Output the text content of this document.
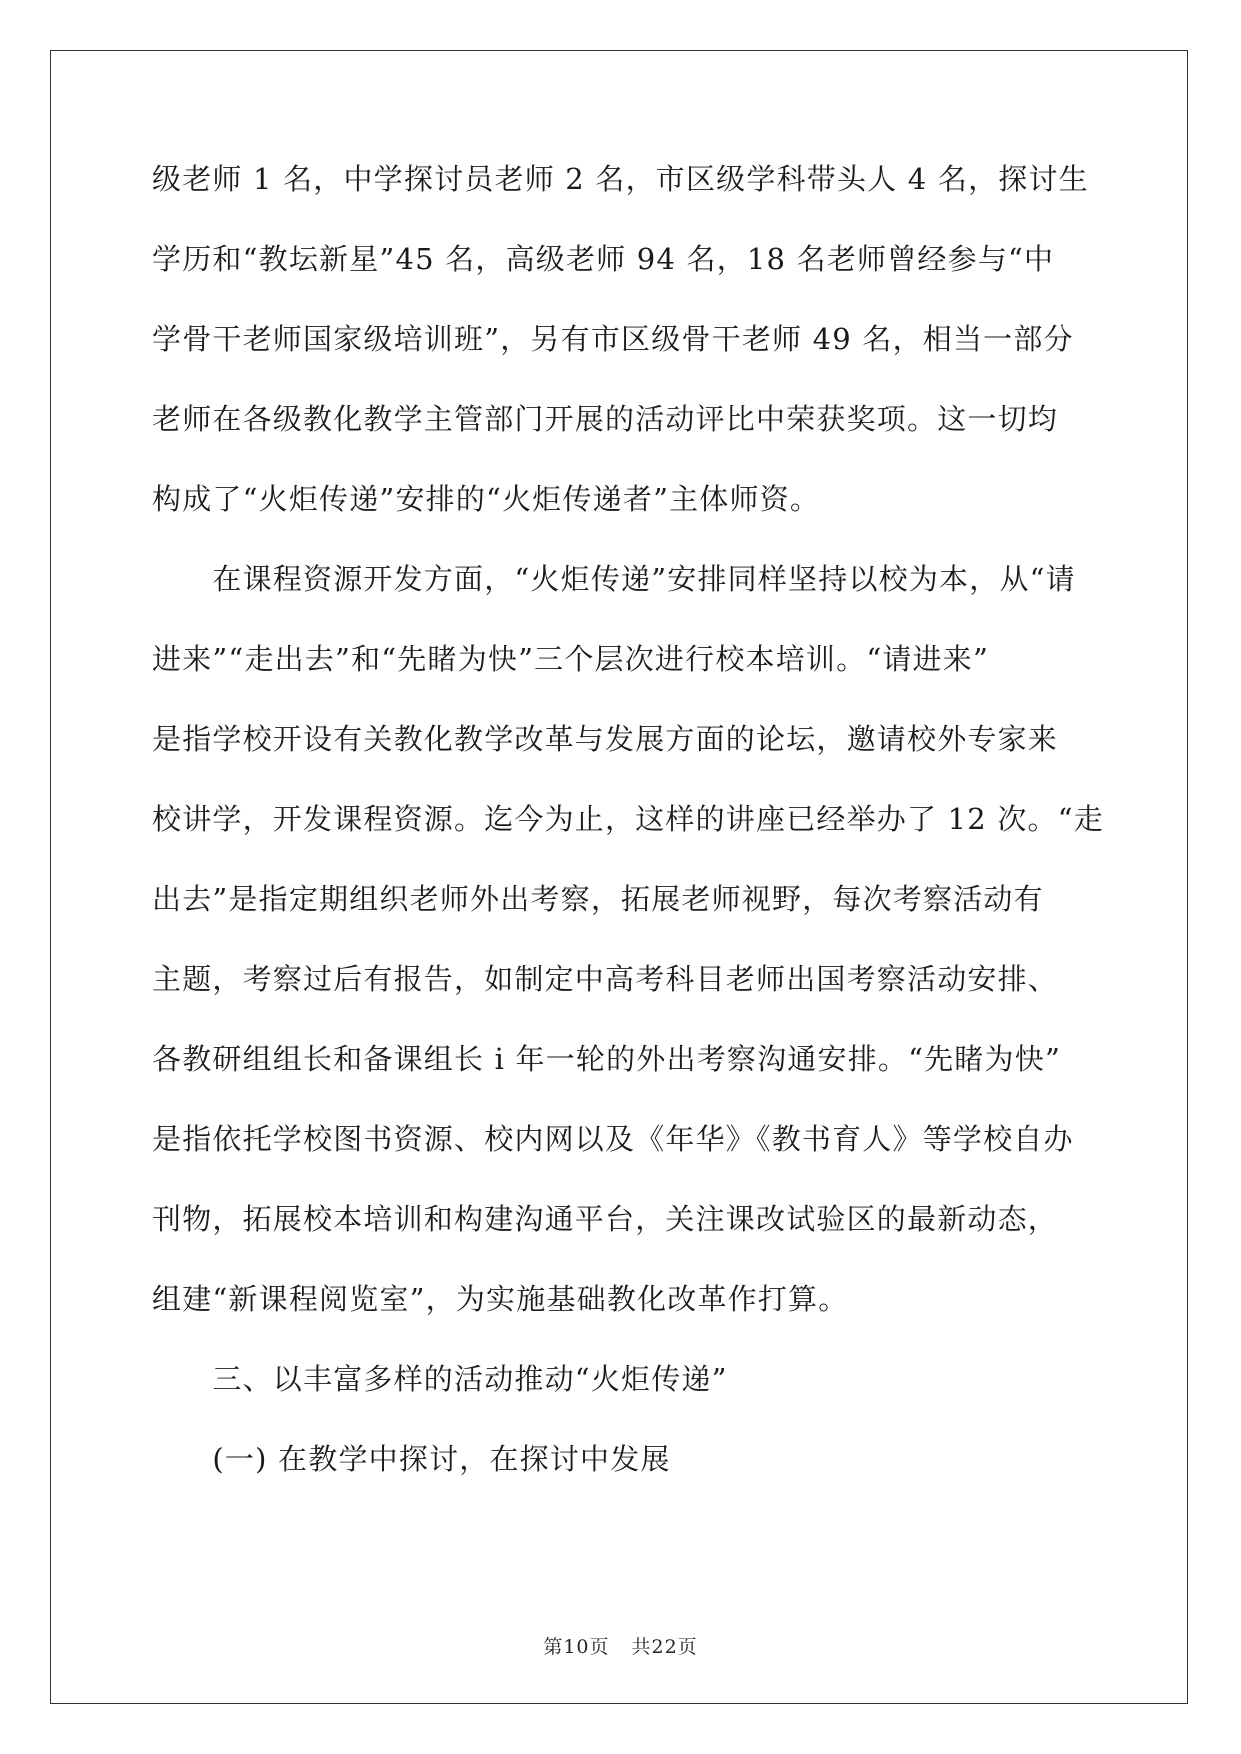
级老师 1 名，中学探讨员老师 2 名，市区级学科带头人 4 名，探讨生
学历和“教坛新星”45 名，高级老师 94 名，18 名老师曾经参与“中
学骨干老师国家级培训班”，另有市区级骨干老师 49 名，相当一部分
老师在各级教化教学主管部门开展的活动评比中荣获奖项。这一切均
构成了“火炬传递”安排的“火炬传递者”主体师资。
　　在课程资源开发方面，“火炬传递”安排同样坚持以校为本，从“请
进来”“走出去”和“先睹为快”三个层次进行校本培训。“请进来”
是指学校开设有关教化教学改革与发展方面的论坛，邀请校外专家来
校讲学，开发课程资源。迄今为止，这样的讲座已经举办了 12 次。“走
出去”是指定期组织老师外出考察，拓展老师视野，每次考察活动有
主题，考察过后有报告，如制定中高考科目老师出国考察活动安排、
各教研组组长和备课组长 i 年一轮的外出考察沟通安排。“先睹为快”
是指依托学校图书资源、校内网以及《年华》《教书育人》等学校自办
刊物，拓展校本培训和构建沟通平台，关注课改试验区的最新动态，
组建“新课程阅览室”，为实施基础教化改革作打算。
　　三、以丰富多样的活动推动“火炬传递”
　　(一) 在教学中探讨，在探讨中发展
第10页 共22页
